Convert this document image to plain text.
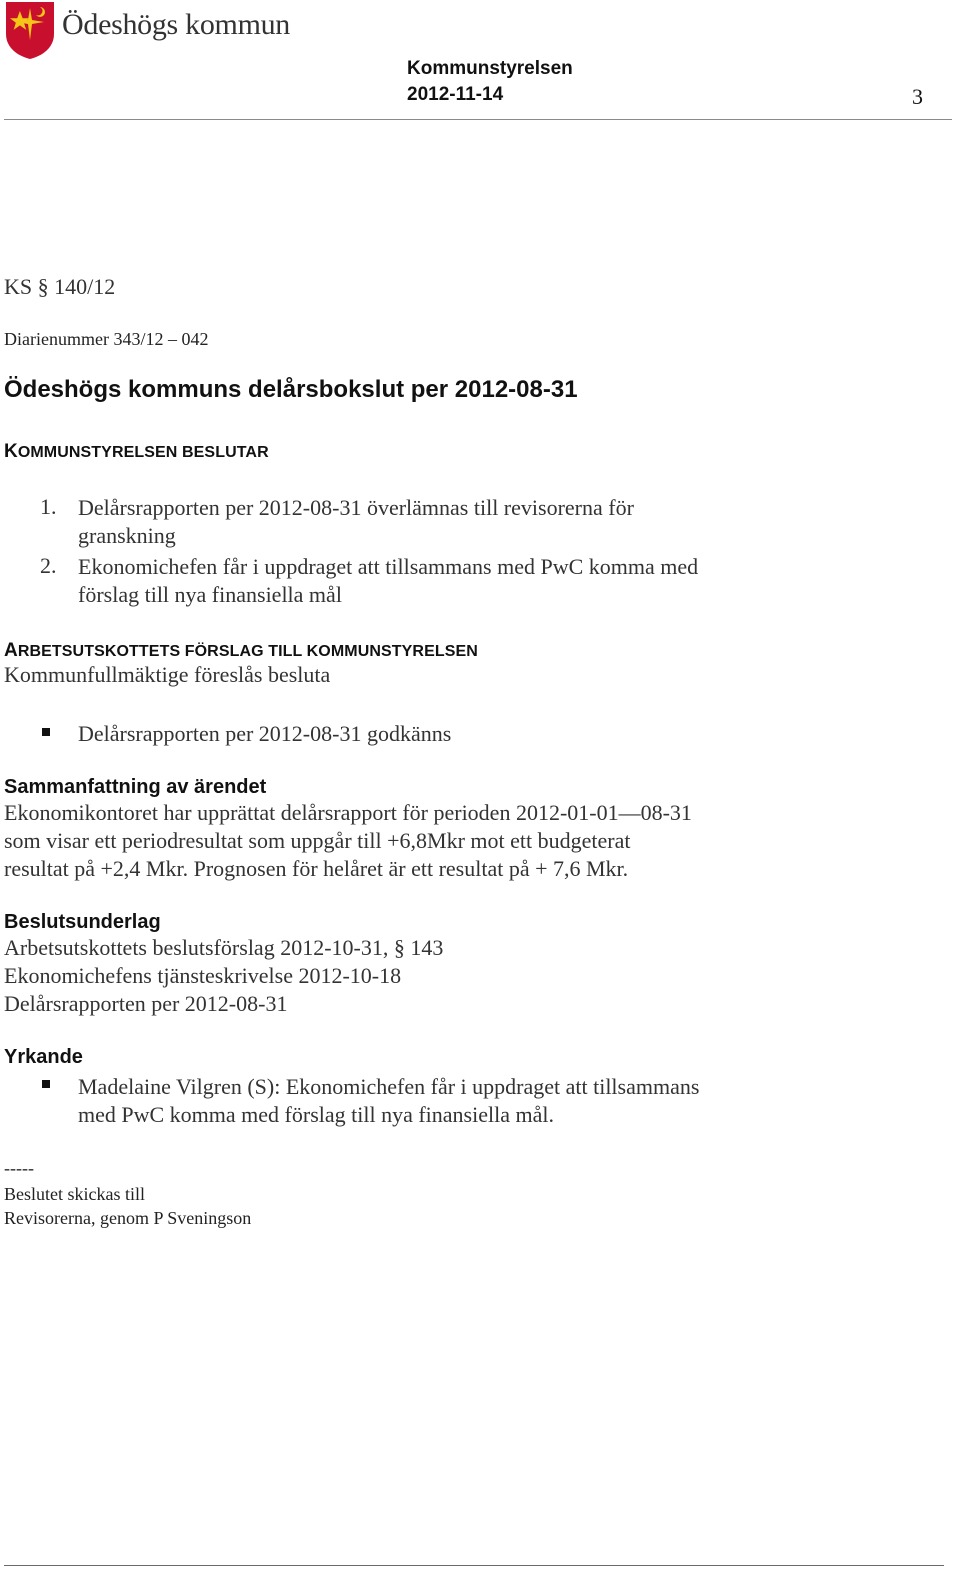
Ödeshögs kommun
Kommunstyrelsen
2012-11-14	3
KS § 140/12
Diarienummer 343/12 – 042
Ödeshögs kommuns delårsbokslut per 2012-08-31
KOMMUNSTYRELSEN BESLUTAR
1. Delårsrapporten per 2012-08-31 överlämnas till revisorerna för
granskning
2. Ekonomichefen får i uppdraget att tillsammans med PwC komma med
förslag till nya finansiella mål
ARBETSUTSKOTTETS FÖRSLAG TILL KOMMUNSTYRELSEN
Kommunfullmäktige föreslås besluta
Delårsrapporten per 2012-08-31 godkänns
Sammanfattning av ärendet
Ekonomikontoret har upprättat delårsrapport för perioden 2012-01-01—08-31
som visar ett periodresultat som uppgår till +6,8Mkr mot ett budgeterat
resultat på +2,4 Mkr. Prognosen för helåret är ett resultat på + 7,6 Mkr.
Beslutsunderlag
Arbetsutskottets beslutsförslag 2012-10-31, § 143
Ekonomichefens tjänsteskrivelse 2012-10-18
Delårsrapporten per 2012-08-31
Yrkande
Madelaine Vilgren (S): Ekonomichefen får i uppdraget att tillsammans
med PwC komma med förslag till nya finansiella mål.
-----
Beslutet skickas till
Revisorerna, genom P Sveningson
